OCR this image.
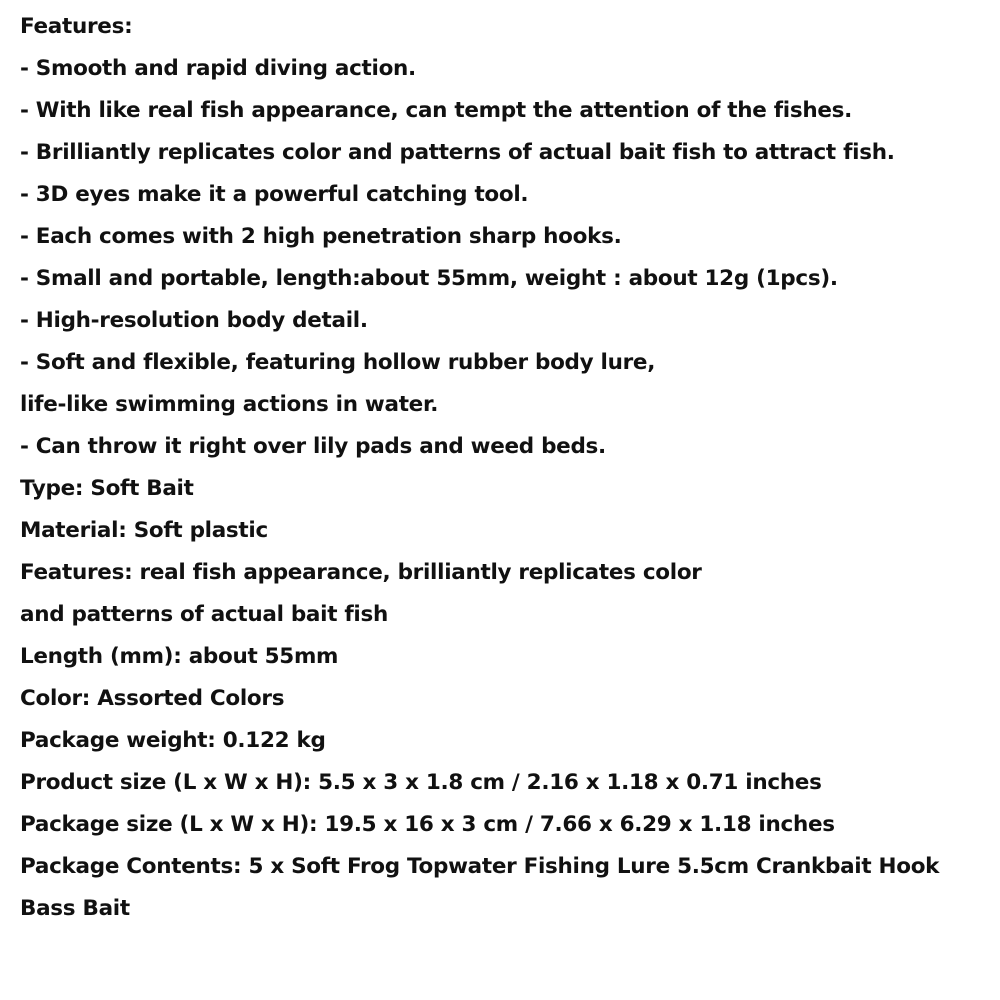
Features:
- Smooth and rapid diving action.
- With like real fish appearance, can tempt the attention of the fishes.
- Brilliantly replicates color and patterns of actual bait fish to attract fish.
- 3D eyes make it a powerful catching tool.
- Each comes with 2 high penetration sharp hooks.
- Small and portable, length:about 55mm, weight : about 12g (1pcs).
- High-resolution body detail.
- Soft and flexible, featuring hollow rubber body lure,
life-like swimming actions in water.
- Can throw it right over lily pads and weed beds.
Type: Soft Bait
Material: Soft plastic
Features: real fish appearance, brilliantly replicates color
and patterns of actual bait fish
Length (mm): about 55mm
Color: Assorted Colors
Package weight: 0.122 kg
Product size (L x W x H): 5.5 x 3 x 1.8 cm / 2.16 x 1.18 x 0.71 inches
Package size (L x W x H): 19.5 x 16 x 3 cm / 7.66 x 6.29 x 1.18 inches
Package Contents: 5 x Soft Frog Topwater Fishing Lure 5.5cm Crankbait Hook
Bass Bait
